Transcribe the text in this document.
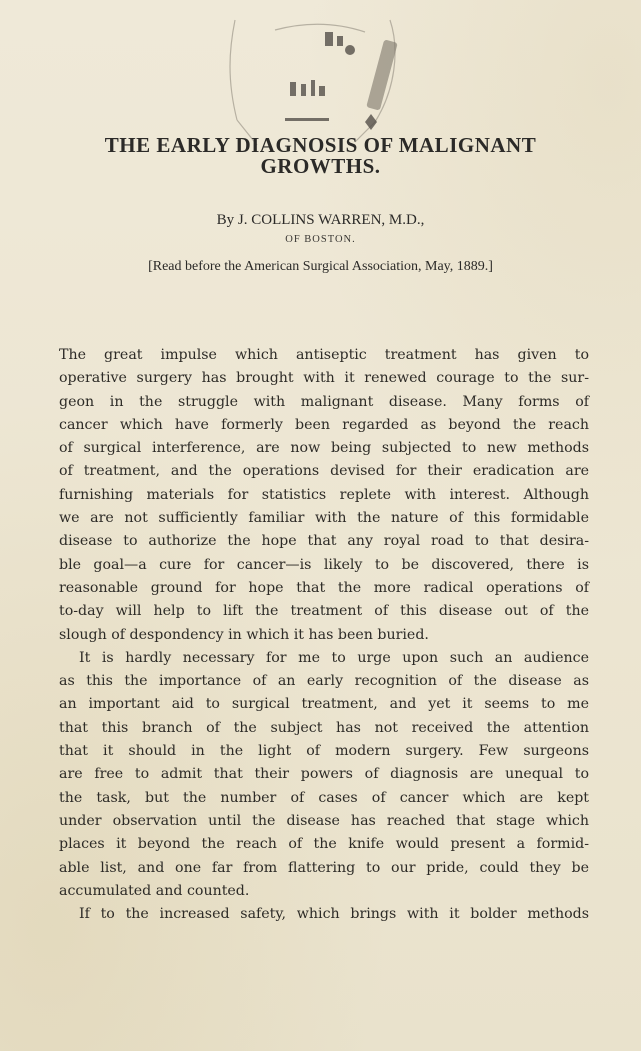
THE EARLY DIAGNOSIS OF MALIGNANT
GROWTHS.
By J. COLLINS WARREN, M.D.,
OF BOSTON.
[Read before the American Surgical Association, May, 1889.]
The great impulse which antiseptic treatment has given to
operative surgery has brought with it renewed courage to the sur-
geon in the struggle with malignant disease. Many forms of
cancer which have formerly been regarded as beyond the reach
of surgical interference, are now being subjected to new methods
of treatment, and the operations devised for their eradication are
furnishing materials for statistics replete with interest. Although
we are not sufficiently familiar with the nature of this formidable
disease to authorize the hope that any royal road to that desira-
ble goal—a cure for cancer—is likely to be discovered, there is
reasonable ground for hope that the more radical operations of
to-day will help to lift the treatment of this disease out of the
slough of despondency in which it has been buried.
It is hardly necessary for me to urge upon such an audience
as this the importance of an early recognition of the disease as
an important aid to surgical treatment, and yet it seems to me
that this branch of the subject has not received the attention
that it should in the light of modern surgery. Few surgeons
are free to admit that their powers of diagnosis are unequal to
the task, but the number of cases of cancer which are kept
under observation until the disease has reached that stage which
places it beyond the reach of the knife would present a formid-
able list, and one far from flattering to our pride, could they be
accumulated and counted.
If to the increased safety, which brings with it bolder methods
